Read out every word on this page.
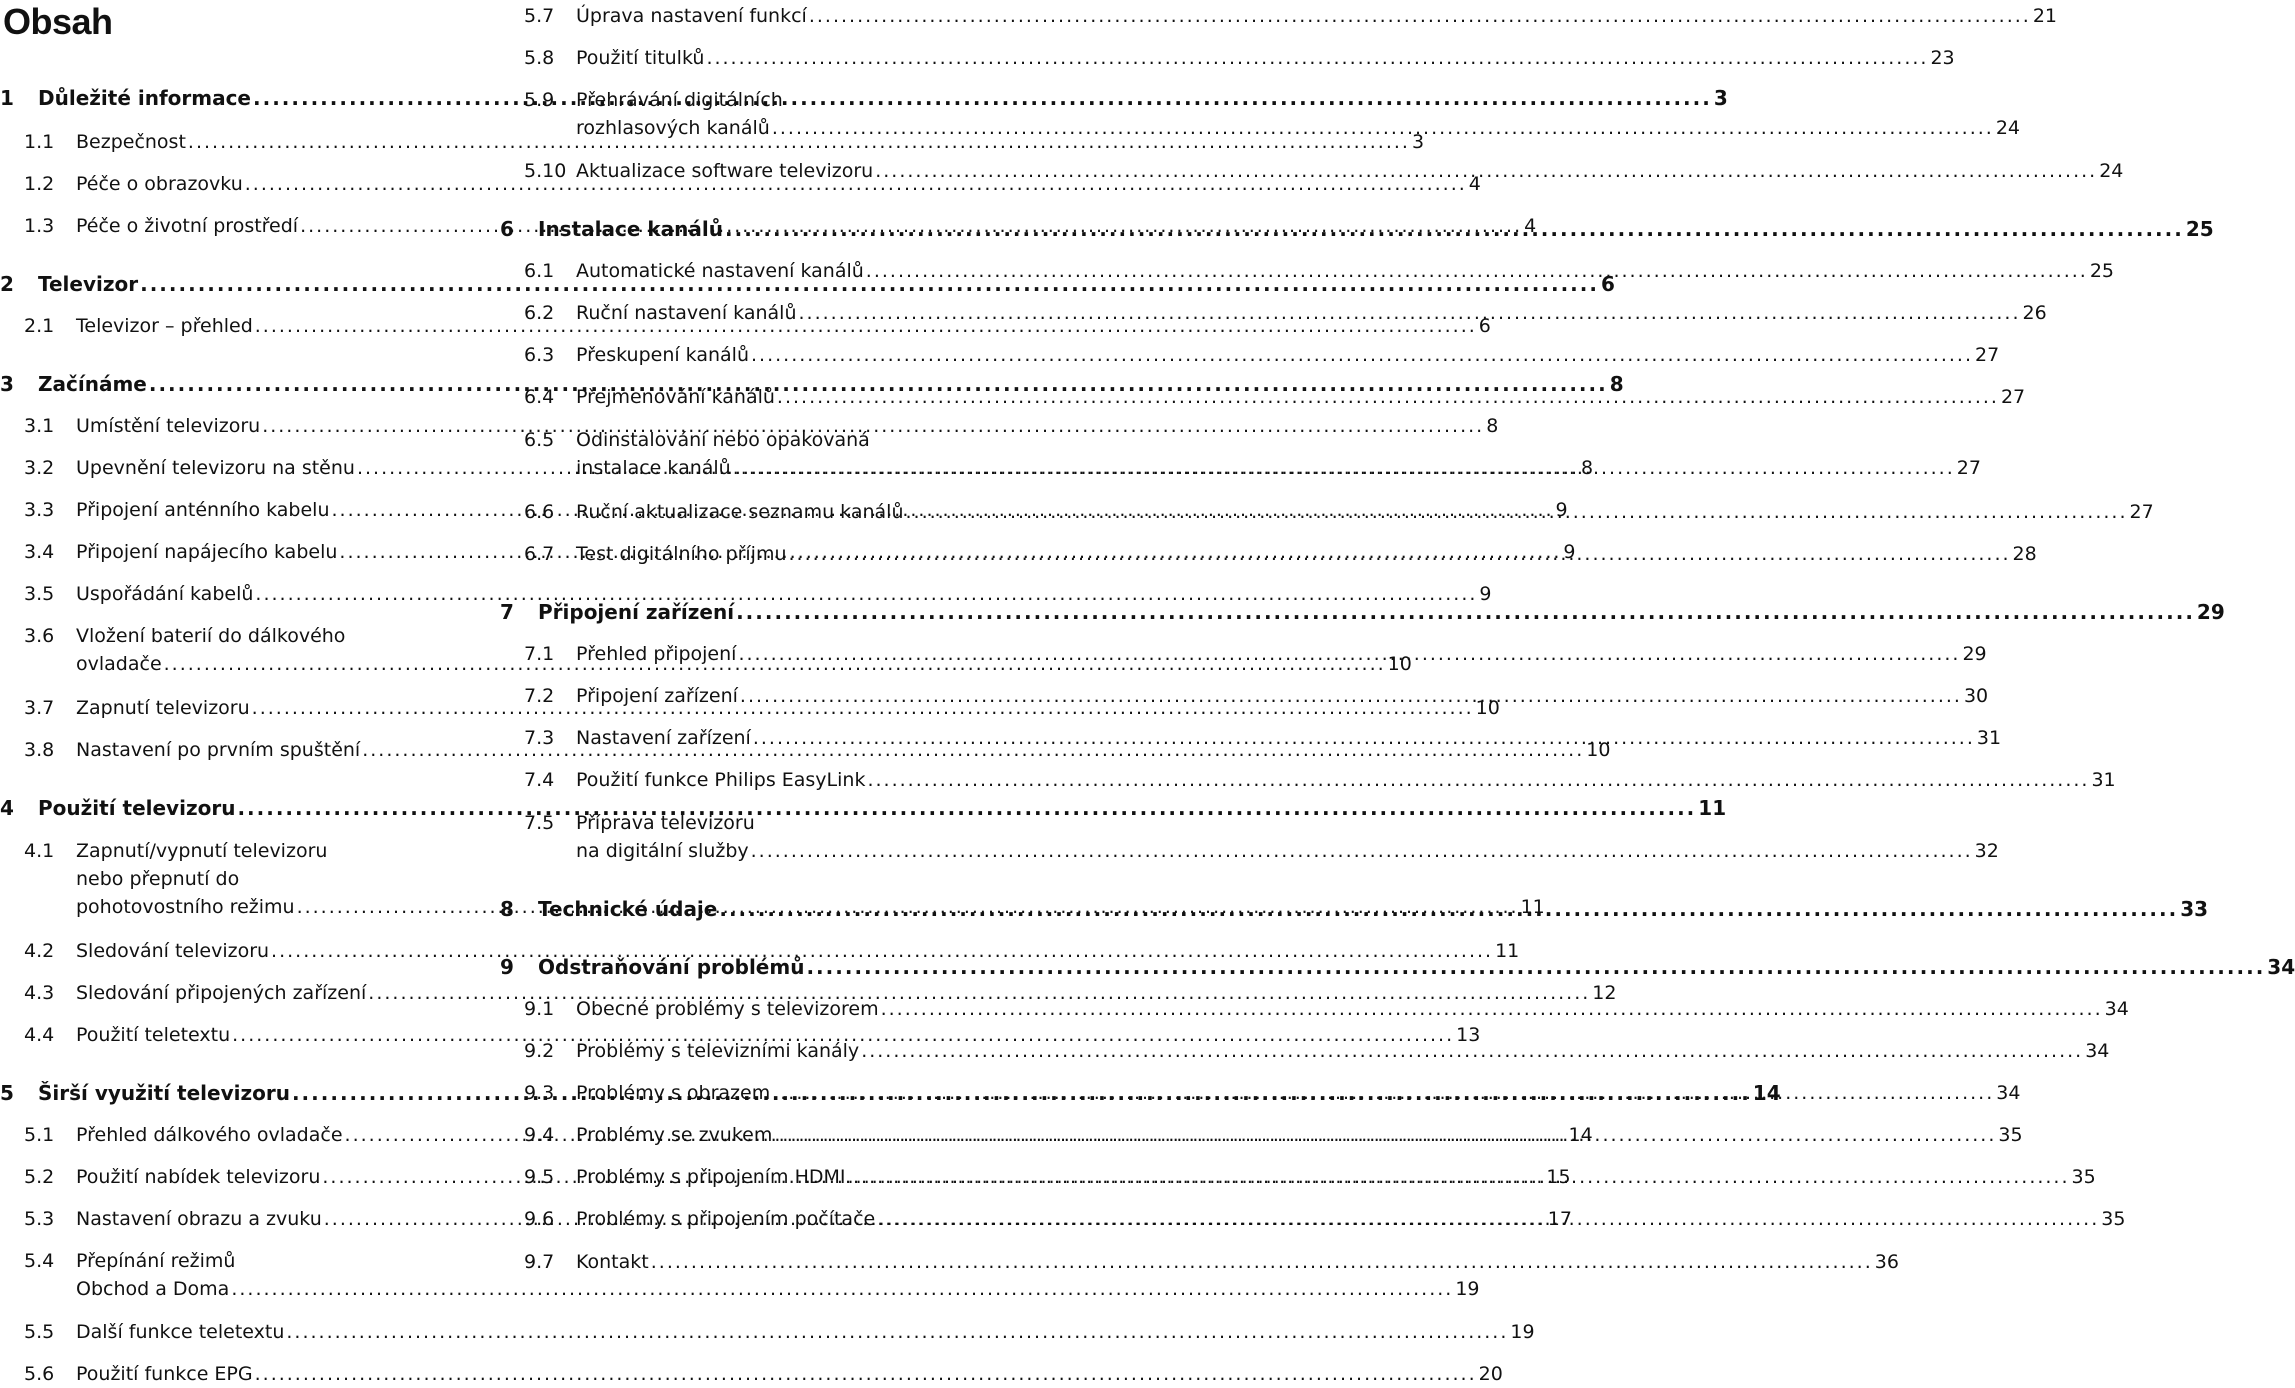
Obsah
1 Důležité informace .....	3
1.1 Bezpečnost .....	3
1.2 Péče o obrazovku .....	4
1.3 Péče o životní prostředí .....	4
2 Televizor .....	6
2.1 Televizor – přehled .....	6
3 Začínáme .....	8
3.1 Umístění televizoru .....	8
3.2 Upevnění televizoru na stěnu .....	8
3.3 Připojení anténního kabelu .....	9
3.4 Připojení napájecího kabelu .....	9
3.5 Uspořádání kabelů .....	9
3.6 Vložení baterií do dálkového
ovladače .....	10
3.7 Zapnutí televizoru .....	10
3.8 Nastavení po prvním spuštění .....	10
4 Použití televizoru .....	11
4.1 Zapnutí/vypnutí televizoru
nebo přepnutí do
pohotovostního režimu .....	11
4.2 Sledování televizoru .....	11
4.3 Sledování připojených zařízení .....	12
4.4 Použití teletextu .....	13
5 Širší využití televizoru .....	14
5.1 Přehled dálkového ovladače .....	14
5.2 Použití nabídek televizoru .....	15
5.3 Nastavení obrazu a zvuku .....	17
5.4 Přepínání režimů
Obchod a Doma .....	19
5.5 Další funkce teletextu .....	19
5.6 Použití funkce EPG .....	20
5.7 Úprava nastavení funkcí .....	21
5.8 Použití titulků .....	23
5.9 Přehrávání digitálních
rozhlasových kanálů .....	24
5.10 Aktualizace software televizoru .....	24
6 Instalace kanálů .....	25
6.1 Automatické nastavení kanálů .....	25
6.2 Ruční nastavení kanálů .....	26
6.3 Přeskupení kanálů .....	27
6.4 Přejmenování kanálů .....	27
6.5 Odinstalování nebo opakovaná
instalace kanálů .....	27
6.6 Ruční aktualizace seznamu kanálů .....	27
6.7 Test digitálního příjmu .....	28
7 Připojení zařízení .....	29
7.1 Přehled připojení .....	29
7.2 Připojení zařízení .....	30
7.3 Nastavení zařízení .....	31
7.4 Použití funkce Philips EasyLink .....	31
7.5 Příprava televizoru
na digitální služby .....	32
8 Technické údaje .....	33
9 Odstraňování problémů .....	34
9.1 Obecné problémy s televizorem .....	34
9.2 Problémy s televizními kanály .....	34
9.3 Problémy s obrazem .....	34
9.4 Problémy se zvukem .....	35
9.5 Problémy s připojením HDMI .....	35
9.6 Problémy s připojením počítače .....	35
9.7 Kontakt .....	36
